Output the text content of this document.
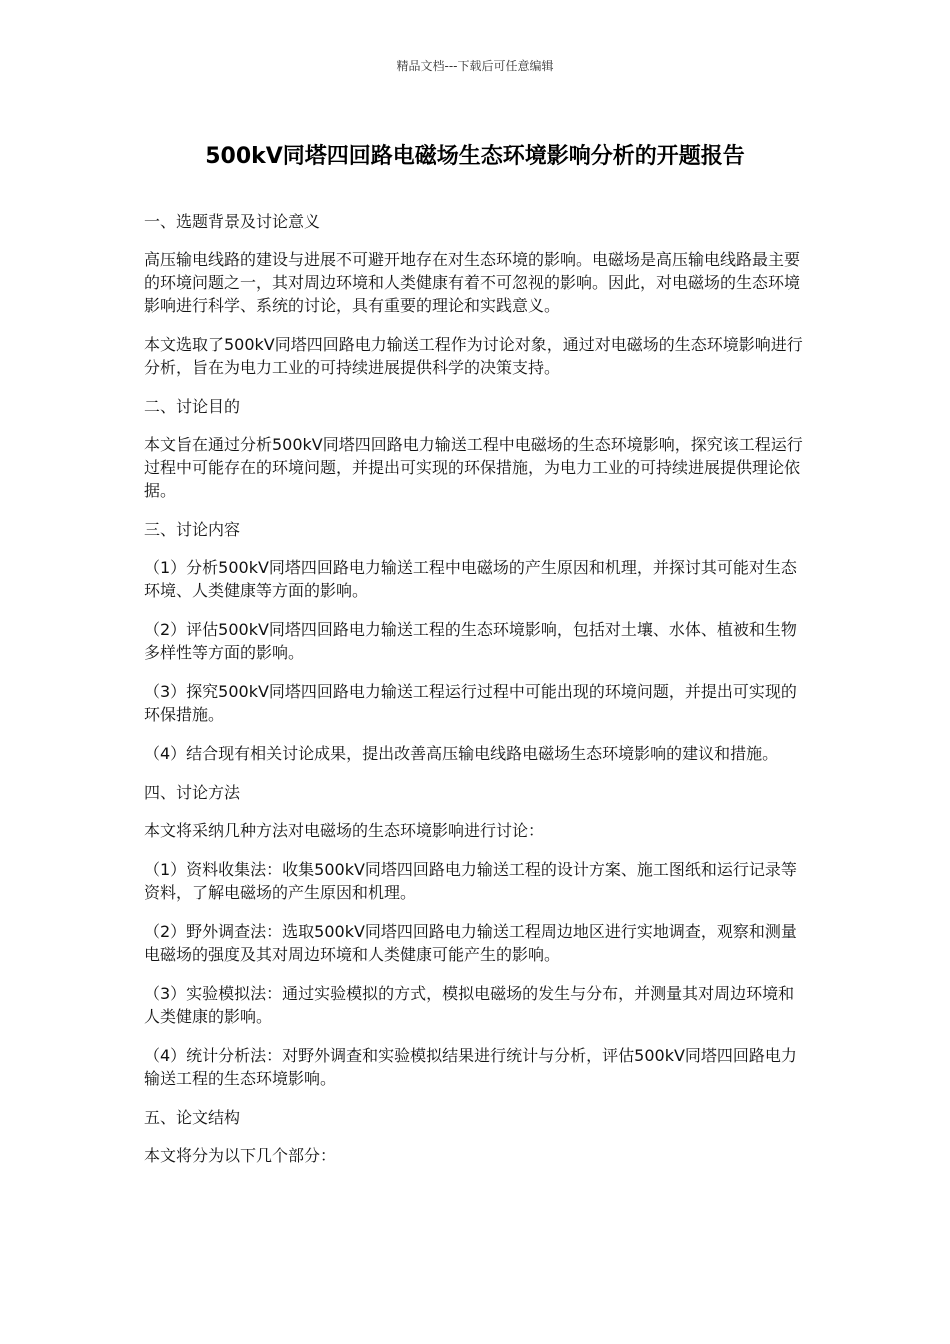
精品文档---下载后可任意编辑
500kV同塔四回路电磁场生态环境影响分析的开题报告

一、选题背景及讨论意义

高压输电线路的建设与进展不可避开地存在对生态环境的影响。电磁场是高压输电线路最主要的环境问题之一，其对周边环境和人类健康有着不可忽视的影响。因此，对电磁场的生态环境影响进行科学、系统的讨论，具有重要的理论和实践意义。

本文选取了500kV同塔四回路电力输送工程作为讨论对象，通过对电磁场的生态环境影响进行分析，旨在为电力工业的可持续进展提供科学的决策支持。

二、讨论目的

本文旨在通过分析500kV同塔四回路电力输送工程中电磁场的生态环境影响，探究该工程运行过程中可能存在的环境问题，并提出可实现的环保措施，为电力工业的可持续进展提供理论依据。

三、讨论内容

（1）分析500kV同塔四回路电力输送工程中电磁场的产生原因和机理，并探讨其可能对生态环境、人类健康等方面的影响。

（2）评估500kV同塔四回路电力输送工程的生态环境影响，包括对土壤、水体、植被和生物多样性等方面的影响。

（3）探究500kV同塔四回路电力输送工程运行过程中可能出现的环境问题，并提出可实现的环保措施。

（4）结合现有相关讨论成果，提出改善高压输电线路电磁场生态环境影响的建议和措施。

四、讨论方法

本文将采纳几种方法对电磁场的生态环境影响进行讨论：

（1）资料收集法：收集500kV同塔四回路电力输送工程的设计方案、施工图纸和运行记录等资料，了解电磁场的产生原因和机理。

（2）野外调查法：选取500kV同塔四回路电力输送工程周边地区进行实地调查，观察和测量电磁场的强度及其对周边环境和人类健康可能产生的影响。

（3）实验模拟法：通过实验模拟的方式，模拟电磁场的发生与分布，并测量其对周边环境和人类健康的影响。

（4）统计分析法：对野外调查和实验模拟结果进行统计与分析，评估500kV同塔四回路电力输送工程的生态环境影响。

五、论文结构

本文将分为以下几个部分：
